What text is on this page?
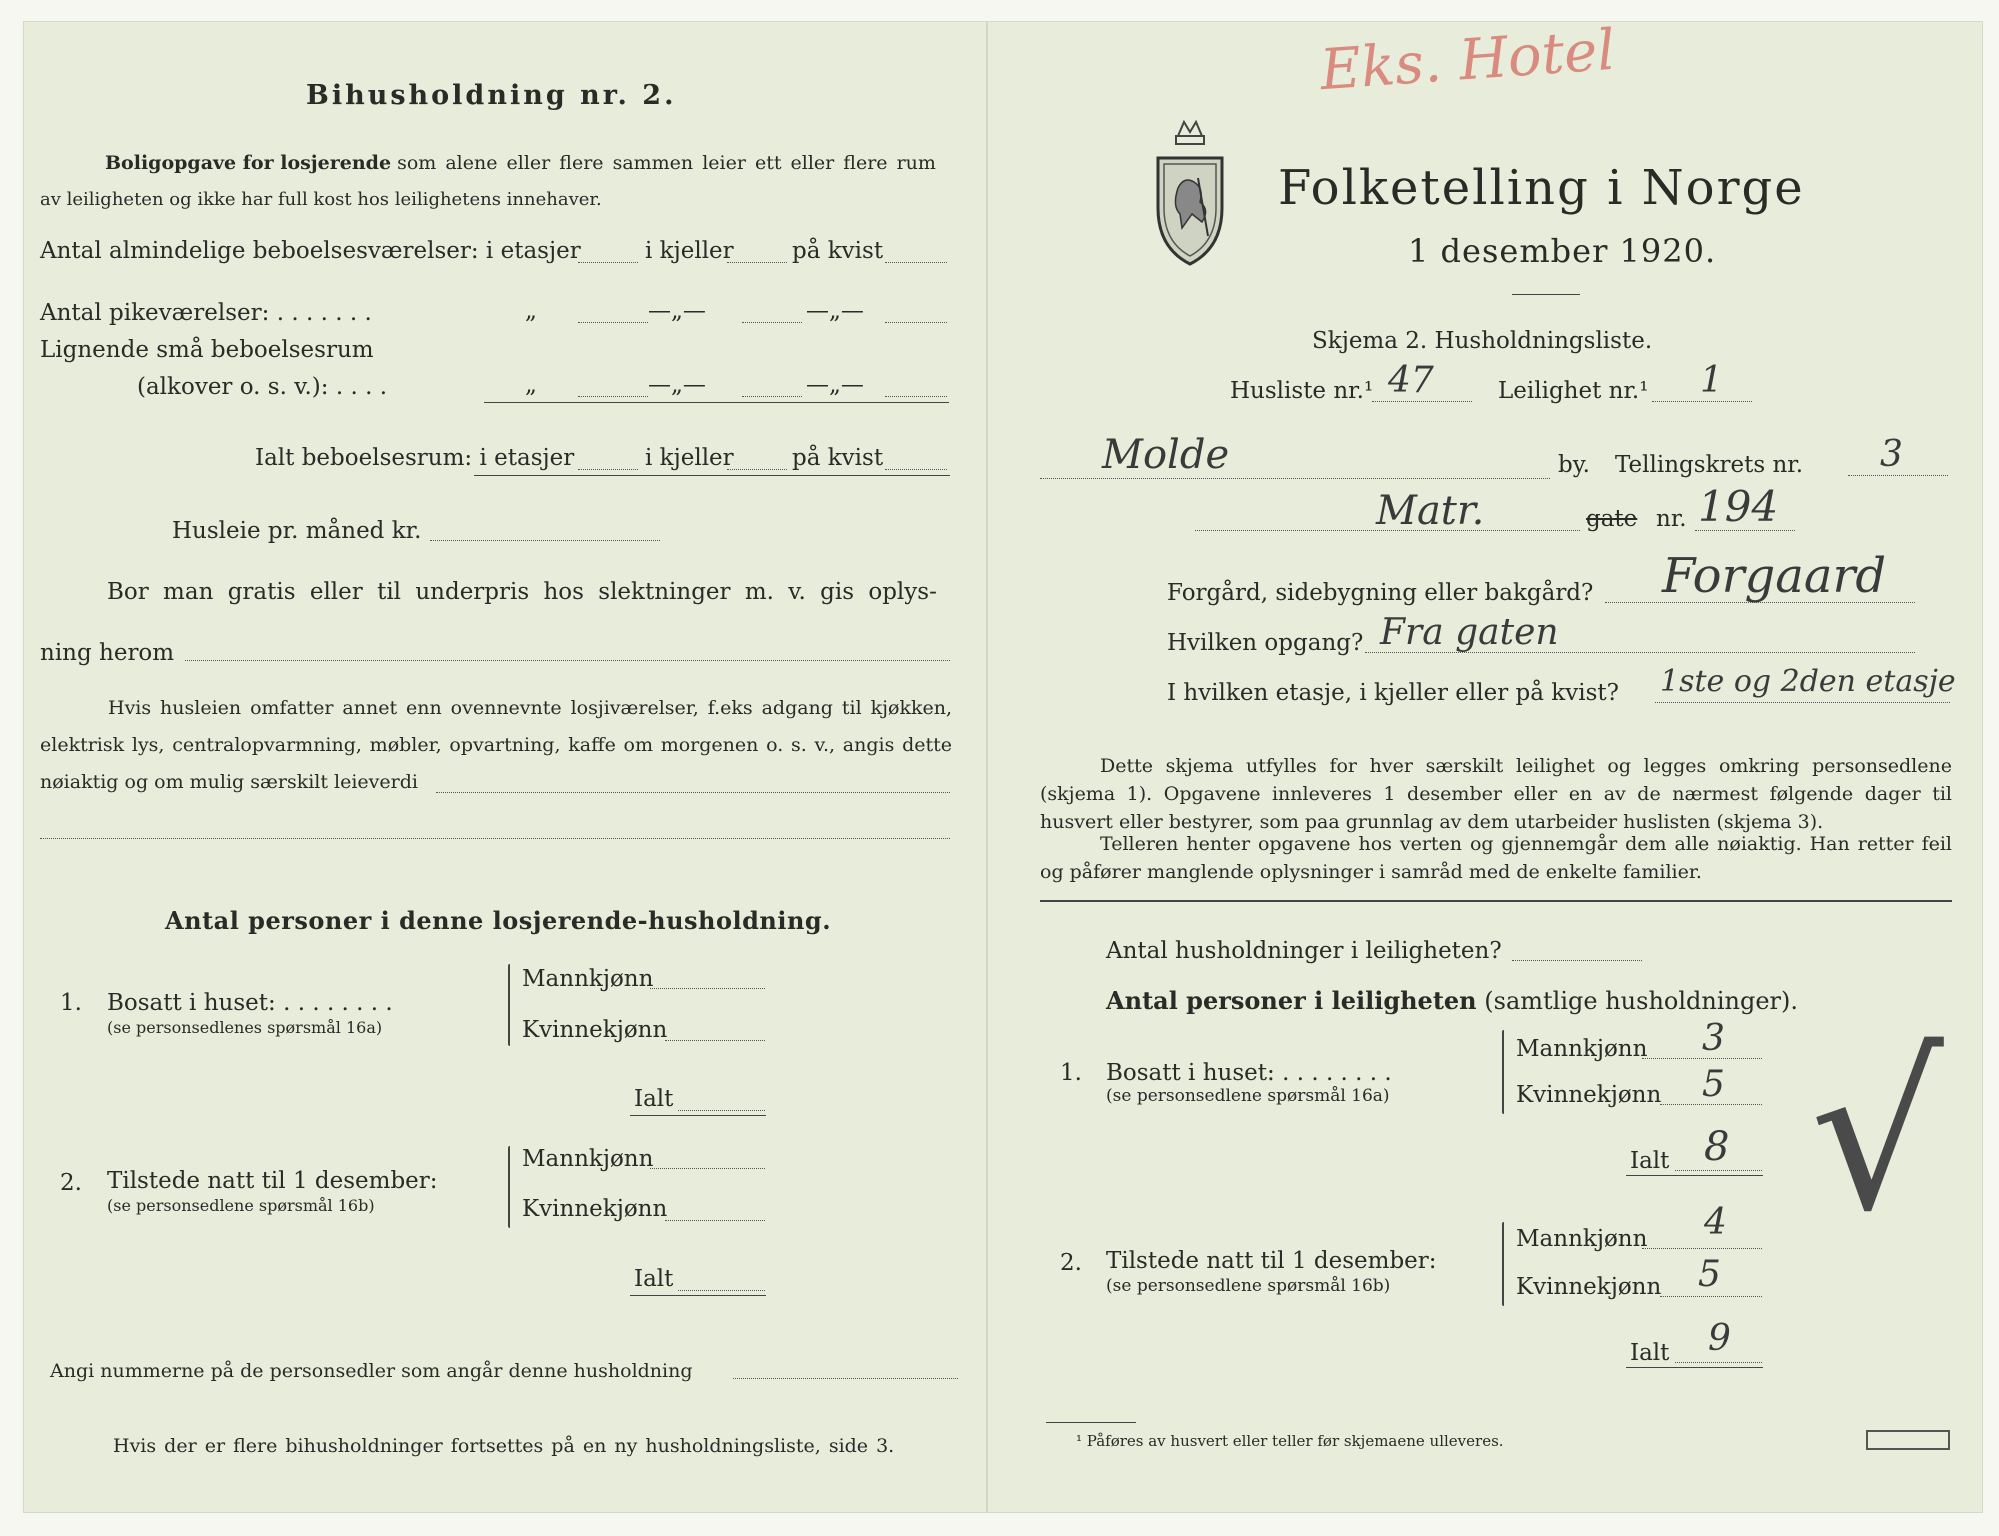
Bihusholdning nr. 2.
Boligopgave for losjerende som alene eller flere sammen leier ett eller flere rum
av leiligheten og ikke har full kost hos leilighetens innehaver.
Antal almindelige beboelsesværelser: i etasjer	i kjeller	på kvist
Antal pikeværelser: . . . . . . .	„	—„—	—„—
Lignende små beboelsesrum
(alkover o. s. v.): . . . .	„	—„—	—„—
Ialt beboelsesrum: i etasjer	i kjeller	på kvist
Husleie pr. måned kr.
Bor man gratis eller til underpris hos slektninger m. v. gis oplys-
ning herom
Hvis husleien omfatter annet enn ovennevnte losjiværelser, f.eks adgang til kjøkken, elektrisk lys, centralopvarmning, møbler, opvartning, kaffe om morgenen o. s. v., angis dette nøiaktig og om mulig særskilt leieverdi
Antal personer i denne losjerende-husholdning.
1. Bosatt i huset: . . . . . . . .
(se personsedlenes spørsmål 16a)
Mannkjønn
Kvinnekjønn
Ialt
2. Tilstede natt til 1 desember:
(se personsedlene spørsmål 16b)
Mannkjønn
Kvinnekjønn
Ialt
Angi nummerne på de personsedler som angår denne husholdning
Hvis der er flere bihusholdninger fortsettes på en ny husholdningsliste, side 3.
Eks. Hotel
Folketelling i Norge
1 desember 1920.
Skjema 2. Husholdningsliste.
Husliste nr.¹ 47	Leilighet nr.¹ 1
Molde	by. Tellingskrets nr. 3
Matr.	gate nr. 194
Forgård, sidebygning eller bakgård? Forgaard
Hvilken opgang? Fra gaten
I hvilken etasje, i kjeller eller på kvist? 1ste og 2den etasje
Dette skjema utfylles for hver særskilt leilighet og legges omkring personsedlene (skjema 1). Opgavene innleveres 1 desember eller en av de nærmest følgende dager til husvert eller bestyrer, som paa grunnlag av dem utarbeider huslisten (skjema 3).
Telleren henter opgavene hos verten og gjennemgår dem alle nøiaktig. Han retter feil og påfører manglende oplysninger i samråd med de enkelte familier.
Antal husholdninger i leiligheten?
Antal personer i leiligheten (samtlige husholdninger).
1. Bosatt i huset: . . . . . . . .
(se personsedlene spørsmål 16a)
Mannkjønn 3
Kvinnekjønn 5
Ialt 8
2. Tilstede natt til 1 desember:
(se personsedlene spørsmål 16b)
Mannkjønn 4
Kvinnekjønn 5
Ialt 9
√
¹ Påføres av husvert eller teller før skjemaene ulleveres.
